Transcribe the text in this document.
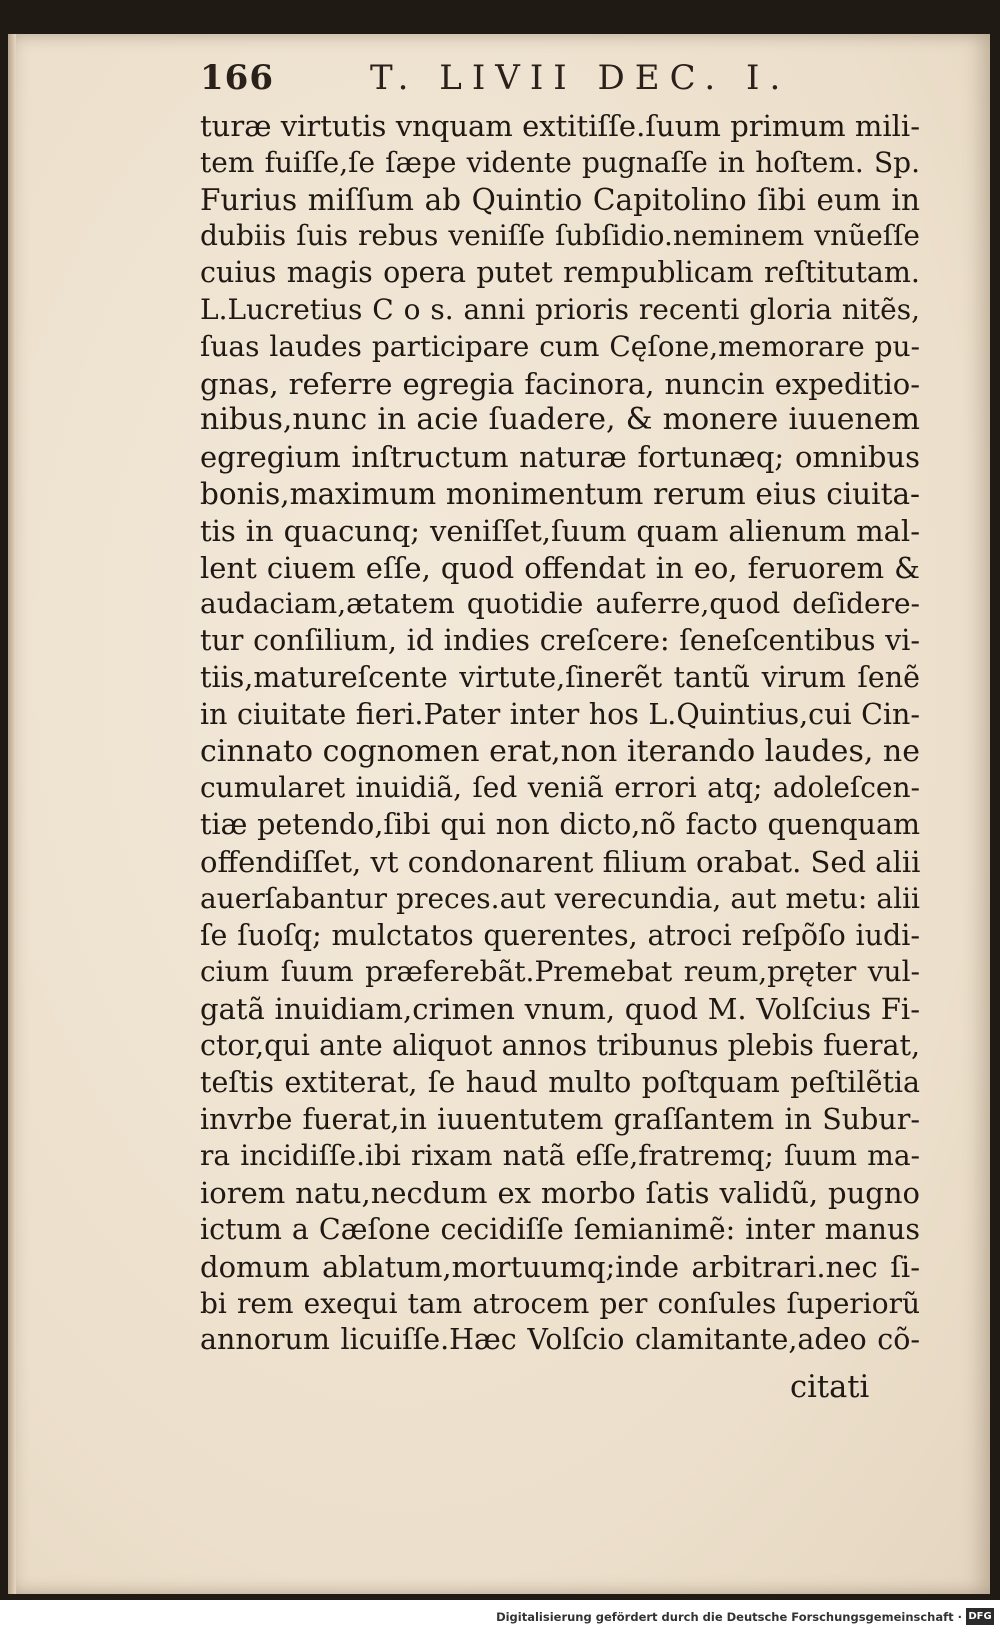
166	T. LIVII DEC. I.
turæ virtutis vnquam extitiſſe.ſuum primum mili-
tem fuiſſe,ſe ſæpe vidente pugnaſſe in hoſtem. Sp.
Furius miſſum ab Quintio Capitolino ſibi eum in
dubiis ſuis rebus veniſſe ſubſidio.neminem vnũeſſe
cuius magis opera putet rempublicam reſtitutam.
L.Lucretius C o s. anni prioris recenti gloria nitẽs,
ſuas laudes participare cum Cęſone,memorare pu-
gnas, referre egregia facinora, nuncin expeditio-
nibus,nunc in acie ſuadere, & monere iuuenem
egregium inſtructum naturæ fortunæq; omnibus
bonis,maximum monimentum rerum eius ciuita-
tis in quacunq; veniſſet,ſuum quam alienum mal-
lent ciuem eſſe, quod offendat in eo, feruorem &
audaciam,ætatem quotidie auferre,quod deſidere-
tur conſilium, id indies creſcere: ſeneſcentibus vi-
tiis,matureſcente virtute,ſinerẽt tantũ virum ſenẽ
in ciuitate fieri.Pater inter hos L.Quintius,cui Cin-
cinnato cognomen erat,non iterando laudes, ne
cumularet inuidiã, ſed veniã errori atq; adoleſcen-
tiæ petendo,ſibi qui non dicto,nõ facto quenquam
offendiſſet, vt condonarent filium orabat. Sed alii
auerſabantur preces.aut verecundia, aut metu: alii
ſe ſuoſq; mulctatos querentes, atroci reſpõſo iudi-
cium ſuum præferebãt.Premebat reum,pręter vul-
gatã inuidiam,crimen vnum, quod M. Volſcius Fi-
ctor,qui ante aliquot annos tribunus plebis fuerat,
teſtis extiterat, ſe haud multo poſtquam peſtilẽtia
invrbe fuerat,in iuuentutem graſſantem in Subur-
ra incidiſſe.ibi rixam natã eſſe,fratremq; ſuum ma-
iorem natu,necdum ex morbo ſatis validũ, pugno
ictum a Cæſone cecidiſſe ſemianimẽ: inter manus
domum ablatum,mortuumq;inde arbitrari.nec ſi-
bi rem exequi tam atrocem per conſules ſuperiorũ
annorum licuiſſe.Hæc Volſcio clamitante,adeo cõ-
citati
Digitalisierung gefördert durch die Deutsche Forschungsgemeinschaft · DFG
